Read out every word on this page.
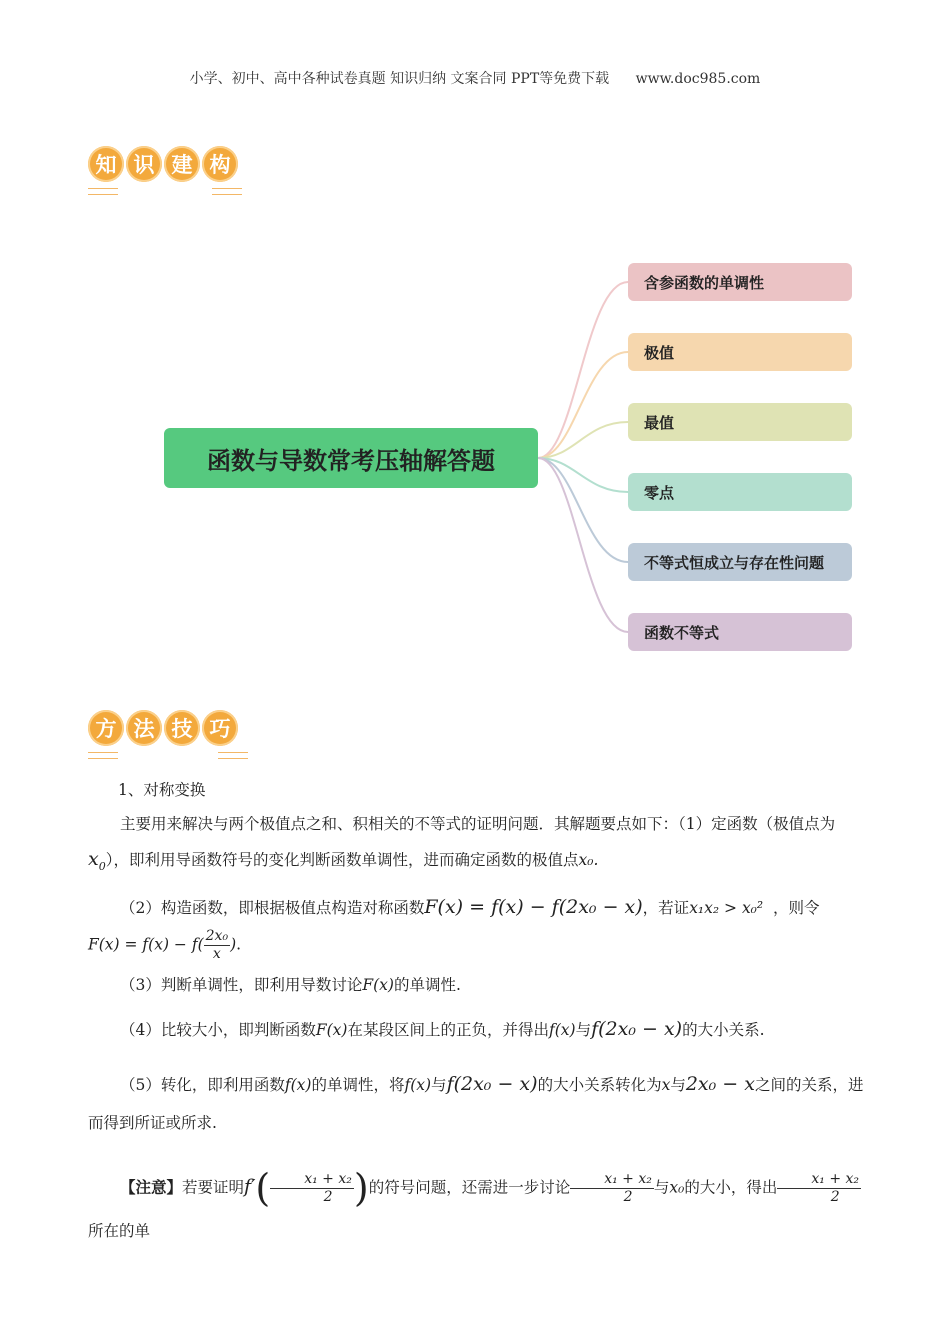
小学、初中、高中各种试卷真题 知识归纳 文案合同 PPT等免费下载 www.doc985.com
知 识 建 构
函数与导数常考压轴解答题
含参函数的单调性
极值
最值
零点
不等式恒成立与存在性问题
函数不等式
方 法 技 巧

1、对称变换

主要用来解决与两个极值点之和、积相关的不等式的证明问题．其解题要点如下：（1）定函数（极值点为$x_0$），即利用导函数符号的变化判断函数单调性，进而确定函数的极值点x₀.

（2）构造函数，即根据极值点构造对称函数F(x) = f(x) − f(2x₀ − x)，若证x₁x₂ > x₀² ，则令

$F(x) = f(x) - f( \frac{\text{2x₀}}{x}$ ).

（3）判断单调性，即利用导数讨论F(x)的单调性.

（4）比较大小，即判断函数F(x)在某段区间上的正负，并得出f(x)与f(2x₀ − x)的大小关系.

（5）转化，即利用函数f(x)的单调性，将f(x)与f(2x₀ − x)的大小关系转化为x与2x₀ − x之间的关系，进而得到所证或所求.

【注意】若要证明$f'( \frac{\text{x₁ + x₂}}{2}$ )的符号问题，还需进一步讨论 $\frac{\text{x₁ + x₂}}{2}$ 与x₀的大小，得出 $\frac{\text{x₁ + x₂}}{2}$
所在的单
